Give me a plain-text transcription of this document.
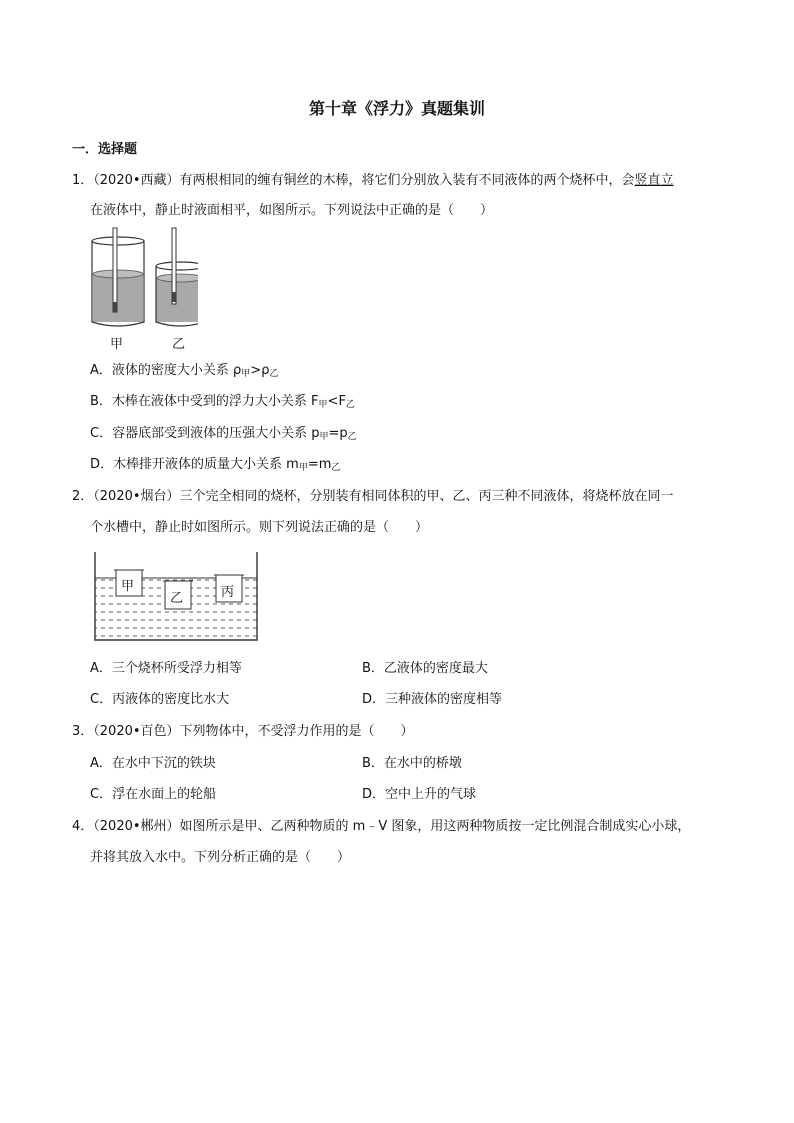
第十章《浮力》真题集训
一．选择题
1．（2020•西藏）有两根相同的缠有铜丝的木棒，将它们分别放入装有不同液体的两个烧杯中，会竖直立
在液体中，静止时液面相平，如图所示。下列说法中正确的是（　　）
甲	乙
A．液体的密度大小关系 $\rho_甲>\rho_乙$
B．木棒在液体中受到的浮力大小关系 $F_甲<F_乙$
C．容器底部受到液体的压强大小关系 $p_甲=p_乙$
D．木棒排开液体的质量大小关系 $m_甲=m_乙$
2．（2020•烟台）三个完全相同的烧杯，分别装有相同体积的甲、乙、丙三种不同液体，将烧杯放在同一
个水槽中，静止时如图所示。则下列说法正确的是（　　）
甲
乙	丙
A．三个烧杯所受浮力相等	B．乙液体的密度最大
C．丙液体的密度比水大	D．三种液体的密度相等
3．（2020•百色）下列物体中，不受浮力作用的是（　　）
A．在水中下沉的铁块	B．在水中的桥墩
C．浮在水面上的轮船	D．空中上升的气球
4．（2020•郴州）如图所示是甲、乙两种物质的 m﹣V 图象，用这两种物质按一定比例混合制成实心小球，
并将其放入水中。下列分析正确的是（　　）
